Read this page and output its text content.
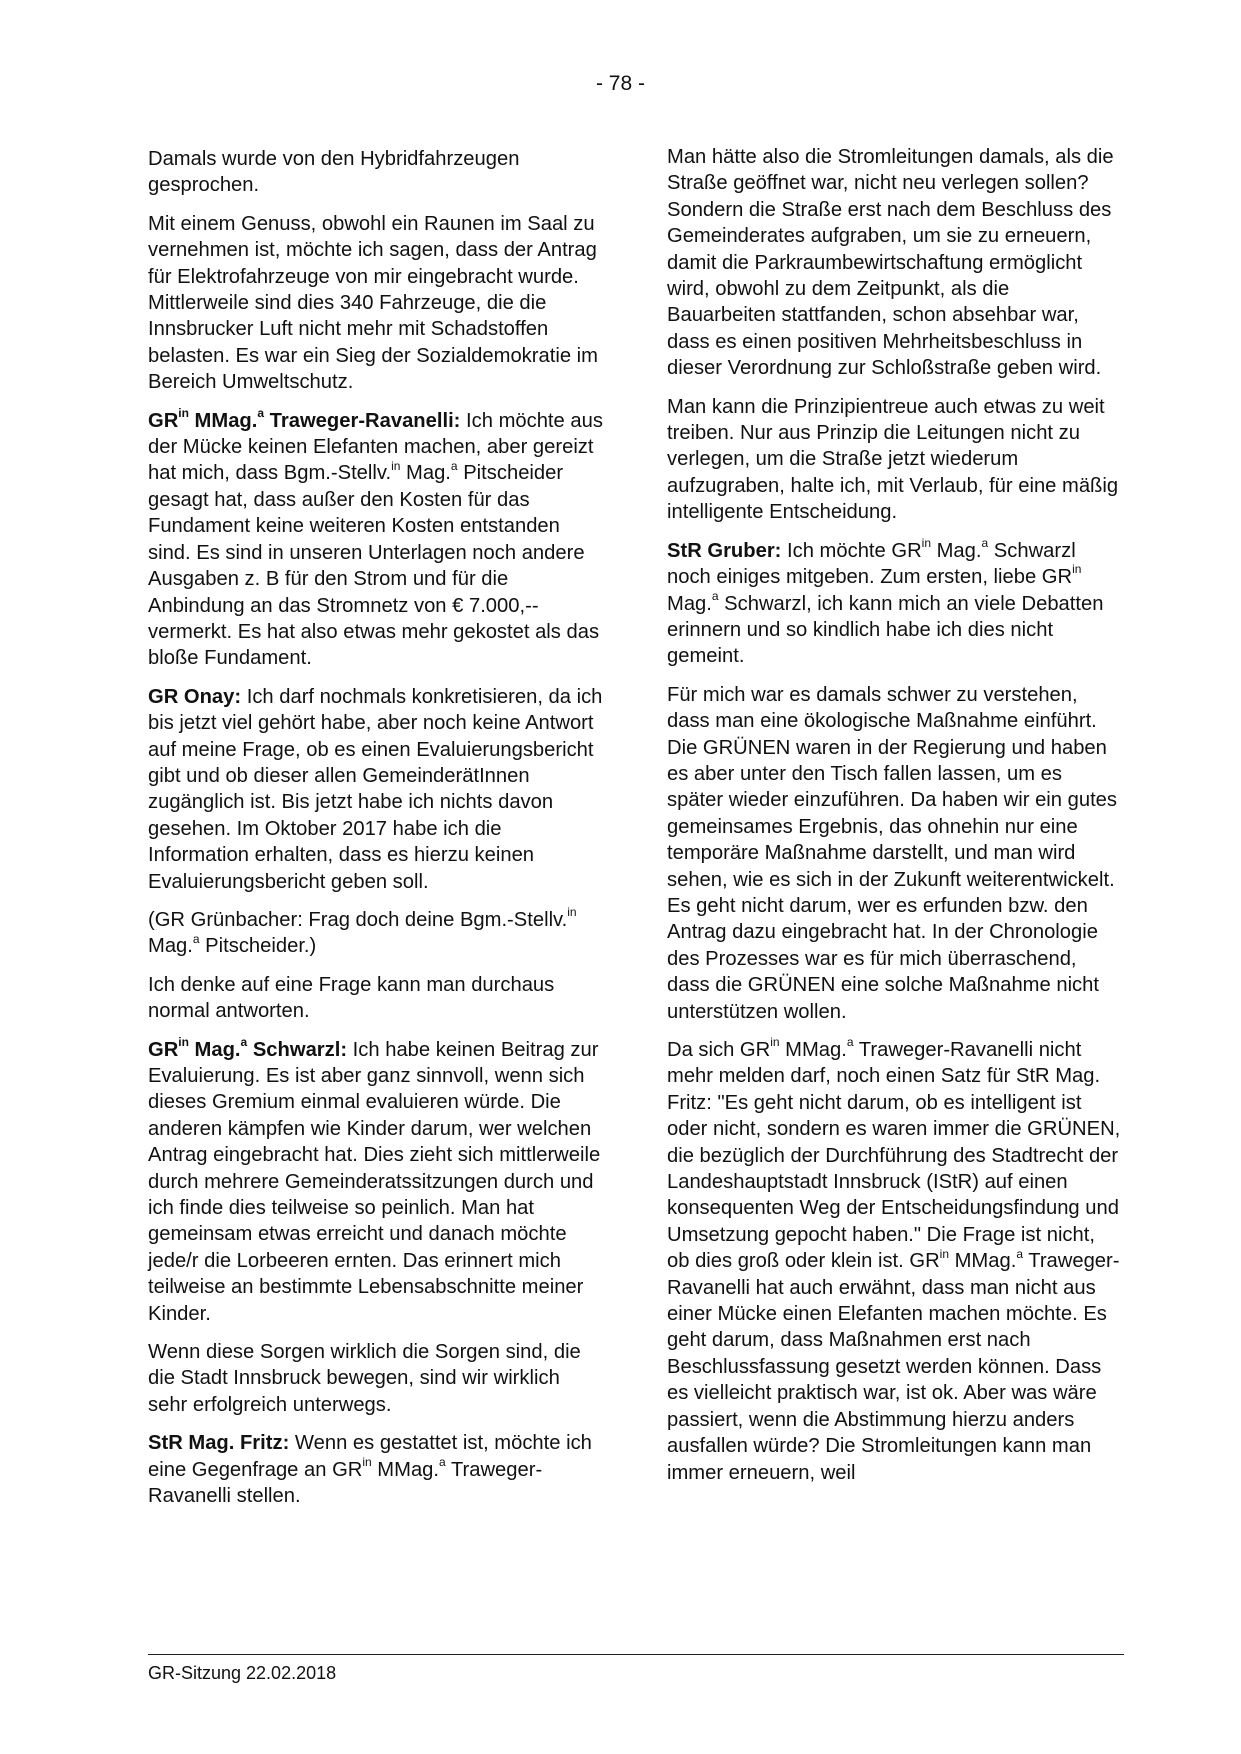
- 78 -

Damals wurde von den Hybridfahrzeugen gesprochen.

Mit einem Genuss, obwohl ein Raunen im Saal zu vernehmen ist, möchte ich sagen, dass der Antrag für Elektrofahrzeuge von mir eingebracht wurde. Mittlerweile sind dies 340 Fahrzeuge, die die Innsbrucker Luft nicht mehr mit Schadstoffen belasten. Es war ein Sieg der Sozialdemokratie im Bereich Umweltschutz.

$GR^{in}$ MMag.$^a$ Traweger-Ravanelli: Ich möchte aus der Mücke keinen Elefanten machen, aber gereizt hat mich, dass Bgm.-Stellv.$^{in}$ Mag.$^a$ Pitscheider gesagt hat, dass außer den Kosten für das Fundament keine weiteren Kosten entstanden sind. Es sind in unseren Unterlagen noch andere Ausgaben z. B für den Strom und für die Anbindung an das Stromnetz von € 7.000,-- vermerkt. Es hat also etwas mehr gekostet als das bloße Fundament.

GR Onay: Ich darf nochmals konkretisieren, da ich bis jetzt viel gehört habe, aber noch keine Antwort auf meine Frage, ob es einen Evaluierungsbericht gibt und ob dieser allen GemeinderätInnen zugänglich ist. Bis jetzt habe ich nichts davon gesehen. Im Oktober 2017 habe ich die Information erhalten, dass es hierzu keinen Evaluierungsbericht geben soll.

(GR Grünbacher: Frag doch deine Bgm.-Stellv.$^{in}$ Mag.$^a$ Pitscheider.)

Ich denke auf eine Frage kann man durchaus normal antworten.

$GR^{in}$ Mag.$^a$ Schwarzl: Ich habe keinen Beitrag zur Evaluierung. Es ist aber ganz sinnvoll, wenn sich dieses Gremium einmal evaluieren würde. Die anderen kämpfen wie Kinder darum, wer welchen Antrag eingebracht hat. Dies zieht sich mittlerweile durch mehrere Gemeinderatssitzungen durch und ich finde dies teilweise so peinlich. Man hat gemeinsam etwas erreicht und danach möchte jede/r die Lorbeeren ernten. Das erinnert mich teilweise an bestimmte Lebensabschnitte meiner Kinder.

Wenn diese Sorgen wirklich die Sorgen sind, die die Stadt Innsbruck bewegen, sind wir wirklich sehr erfolgreich unterwegs.

StR Mag. Fritz: Wenn es gestattet ist, möchte ich eine Gegenfrage an $GR^{in}$ MMag.$^a$ Traweger-Ravanelli stellen.

Man hätte also die Stromleitungen damals, als die Straße geöffnet war, nicht neu verlegen sollen? Sondern die Straße erst nach dem Beschluss des Gemeinderates aufgraben, um sie zu erneuern, damit die Parkraumbewirtschaftung ermöglicht wird, obwohl zu dem Zeitpunkt, als die Bauarbeiten stattfanden, schon absehbar war, dass es einen positiven Mehrheitsbeschluss in dieser Verordnung zur Schloßstraße geben wird.

Man kann die Prinzipientreue auch etwas zu weit treiben. Nur aus Prinzip die Leitungen nicht zu verlegen, um die Straße jetzt wiederum aufzugraben, halte ich, mit Verlaub, für eine mäßig intelligente Entscheidung.

StR Gruber: Ich möchte $GR^{in}$ Mag.$^a$ Schwarzl noch einiges mitgeben. Zum ersten, liebe $GR^{in}$ Mag.$^a$ Schwarzl, ich kann mich an viele Debatten erinnern und so kindlich habe ich dies nicht gemeint.

Für mich war es damals schwer zu verstehen, dass man eine ökologische Maßnahme einführt. Die GRÜNEN waren in der Regierung und haben es aber unter den Tisch fallen lassen, um es später wieder einzuführen. Da haben wir ein gutes gemeinsames Ergebnis, das ohnehin nur eine temporäre Maßnahme darstellt, und man wird sehen, wie es sich in der Zukunft weiterentwickelt. Es geht nicht darum, wer es erfunden bzw. den Antrag dazu eingebracht hat. In der Chronologie des Prozesses war es für mich überraschend, dass die GRÜNEN eine solche Maßnahme nicht unterstützen wollen.

Da sich $GR^{in}$ MMag.$^a$ Traweger-Ravanelli nicht mehr melden darf, noch einen Satz für StR Mag. Fritz: "Es geht nicht darum, ob es intelligent ist oder nicht, sondern es waren immer die GRÜNEN, die bezüglich der Durchführung des Stadtrecht der Landeshauptstadt Innsbruck (IStR) auf einen konsequenten Weg der Entscheidungsfindung und Umsetzung gepocht haben." Die Frage ist nicht, ob dies groß oder klein ist. $GR^{in}$ MMag.$^a$ Traweger-Ravanelli hat auch erwähnt, dass man nicht aus einer Mücke einen Elefanten machen möchte. Es geht darum, dass Maßnahmen erst nach Beschlussfassung gesetzt werden können. Dass es vielleicht praktisch war, ist ok. Aber was wäre passiert, wenn die Abstimmung hierzu anders ausfallen würde? Die Stromleitungen kann man immer erneuern, weil

GR-Sitzung 22.02.2018
